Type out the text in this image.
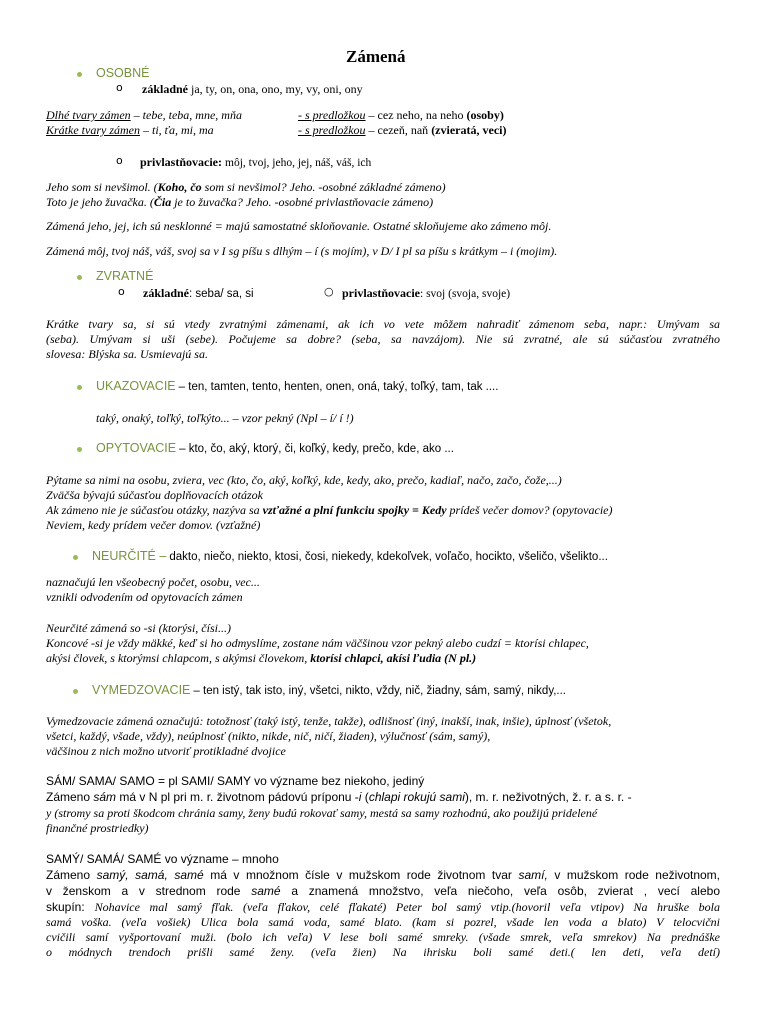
Zámená
OSOBNÉ
o základné ja, ty, on, ona, ono, my, vy, oni, ony
Dlhé tvary zámen – tebe, teba, mne, mňa	- s predložkou – cez neho, na neho (osoby)
Krátke tvary zámen – ti, ťa, mi, ma	- s predložkou – cezeň, naň (zvieratá, veci)
o privlastňovacie: môj, tvoj, jeho, jej, náš, váš, ich
Jeho som si nevšimol. (Koho, čo som si nevšimol? Jeho. -osobné základné zámeno)
Toto je jeho žuvačka. (Čia je to žuvačka? Jeho. -osobné privlastňovacie zámeno)
Zámená jeho, jej, ich sú nesklonné = majú samostatné skloňovanie. Ostatné skloňujeme ako zámeno môj.
Zámená môj, tvoj náš, váš, svoj sa v I sg píšu s dlhým – í (s mojím), v D/ I pl sa píšu s krátkym – i (mojim).
ZVRATNÉ
o základné: seba/ sa, si	○ privlastňovacie: svoj (svoja, svoje)
Krátke tvary sa, si sú vtedy zvratnými zámenami, ak ich vo vete môžem nahradiť zámenom seba, napr.: Umývam sa
(seba). Umývam si uši (sebe). Počujeme sa dobre? (seba, sa navzájom). Nie sú zvratné, ale sú súčasťou zvratného
slovesa: Blýska sa. Usmievajú sa.
UKAZOVACIE – ten, tamten, tento, henten, onen, oná, taký, toľký, tam, tak ....
taký, onaký, toľký, toľkýto... – vzor pekný (Npl – í/ í !)
OPYTOVACIE – kto, čo, aký, ktorý, či, koľký, kedy, prečo, kde, ako ...
Pýtame sa nimi na osobu, zviera, vec (kto, čo, aký, koľký, kde, kedy, ako, prečo, kadiaľ, načo, začo, čože,...)
Zväčša bývajú súčasťou doplňovacích otázok
Ak zámeno nie je súčasťou otázky, nazýva sa vzťažné a plní funkciu spojky = Kedy prídeš večer domov? (opytovacie)
Neviem, kedy prídem večer domov. (vzťažné)
NEURČITÉ – dakto, niečo, niekto, ktosi, čosi, niekedy, kdekoľvek, voľačo, hocikto, všeličo, všelikto...
naznačujú len všeobecný počet, osobu, vec...
vznikli odvodením od opytovacích zámen
Neurčité zámená so -si (ktorýsi, čísi...)
Koncové -si je vždy mäkké, keď si ho odmyslíme, zostane nám väčšinou vzor pekný alebo cudzí = ktorísi chlapec,
akýsi človek, s ktorýmsi chlapcom, s akýmsi človekom, ktorísi chlapci, akísi ľudia (N pl.)
VYMEDZOVACIE – ten istý, tak isto, iný, všetci, nikto, vždy, nič, žiadny, sám, samý, nikdy,...
Vymedzovacie zámená označujú: totožnosť (taký istý, tenže, takže), odlišnosť (iný, inakší, inak, inšie), úplnosť (všetok,
všetci, každý, všade, vždy), neúplnosť (nikto, nikde, nič, ničí, žiaden), výlučnosť (sám, samý),
väčšinou z nich možno utvoriť protikladné dvojice
SÁM/ SAMA/ SAMO = pl SAMI/ SAMY vo význame bez niekoho, jediný
Zámeno sám má v N pl pri m. r. životnom pádovú príponu -i (chlapi rokujú sami), m. r. neživotných, ž. r. a s. r. -
y (stromy sa proti škodcom chránia samy, ženy budú rokovať samy, mestá sa samy rozhodnú, ako použijú pridelené
finančné prostriedky)
SAMÝ/ SAMÁ/ SAMÉ vo význame – mnoho
Zámeno samý, samá, samé má v množnom čísle v mužskom rode životnom tvar samí, v mužskom rode neživotnom,
v ženskom a v strednom rode samé a znamená množstvo, veľa niečoho, veľa osôb, zvierat , vecí alebo
skupín: Nohavice mal samý fľak. (veľa fľakov, celé fľakaté) Peter bol samý vtip.(hovoril veľa vtipov) Na hruške bola
samá voška. (veľa vošiek) Ulica bola samá voda, samé blato. (kam si pozrel, všade len voda a blato) V telocvični
cvičili samí vyšportovaní muži. (bolo ich veľa) V lese boli samé smreky. (všade smrek, veľa smrekov) Na prednáške
o módnych trendoch prišli samé ženy. (veľa žien) Na ihrisku boli samé deti.( len deti, veľa detí)
